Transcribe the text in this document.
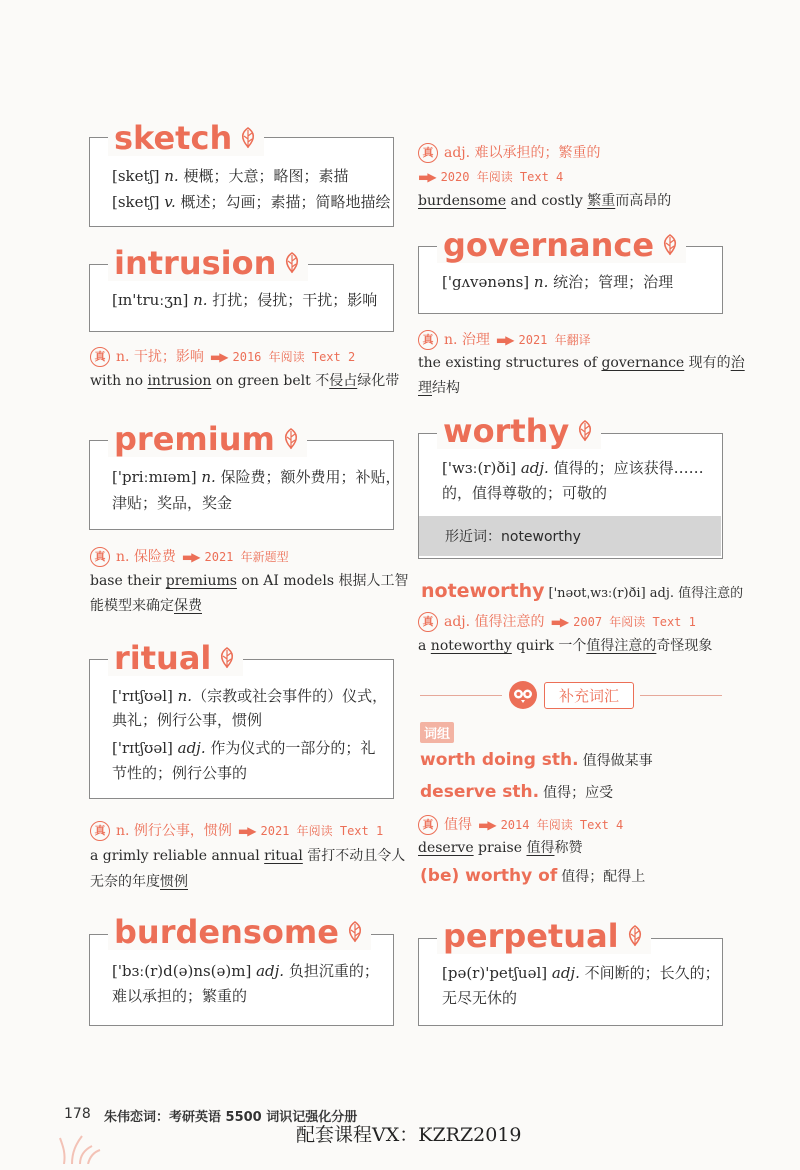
sketch
[sketʃ] n. 梗概；大意；略图；素描
[sketʃ] v. 概述；勾画；素描；简略地描绘
intrusion
[ɪn'truːʒn] n. 打扰；侵扰；干扰；影响
真 n. 干扰；影响 ▬▶ 2016 年阅读 Text 2
with no intrusion on green belt 不侵占绿化带
premium
['priːmɪəm] n. 保险费；额外费用；补贴，
津贴；奖品，奖金
真 n. 保险费 ▬▶ 2021 年新题型
base their premiums on AI models 根据人工智
能模型来确定保费
ritual
['rɪtʃʊəl] n.（宗教或社会事件的）仪式，
典礼；例行公事，惯例
['rɪtʃʊəl] adj. 作为仪式的一部分的；礼
节性的；例行公事的
真 n. 例行公事，惯例 ▬▶ 2021 年阅读 Text 1
a grimly reliable annual ritual 雷打不动且令人
无奈的年度惯例
burdensome
['bɜː(r)d(ə)ns(ə)m] adj. 负担沉重的；
难以承担的；繁重的
真 adj. 难以承担的；繁重的
▬▶ 2020 年阅读 Text 4
burdensome and costly 繁重而高昂的
governance
['gʌvənəns] n. 统治；管理；治理
真 n. 治理 ▬▶ 2021 年翻译
the existing structures of governance 现有的治
理结构
worthy
['wɜː(r)ði] adj. 值得的；应该获得……
的，值得尊敬的；可敬的
形近词：noteworthy
noteworthy ['nəʊtˌwɜː(r)ði] adj. 值得注意的
真 adj. 值得注意的 ▬▶ 2007 年阅读 Text 1
a noteworthy quirk 一个值得注意的奇怪现象
补充词汇
词组
worth doing sth. 值得做某事
deserve sth. 值得；应受
真 值得 ▬▶ 2014 年阅读 Text 4
deserve praise 值得称赞
(be) worthy of 值得；配得上
perpetual
[pə(r)'petʃuəl] adj. 不间断的；长久的；
无尽无休的
178 朱伟恋词：考研英语 5500 词识记强化分册
配套课程VX：KZRZ2019
